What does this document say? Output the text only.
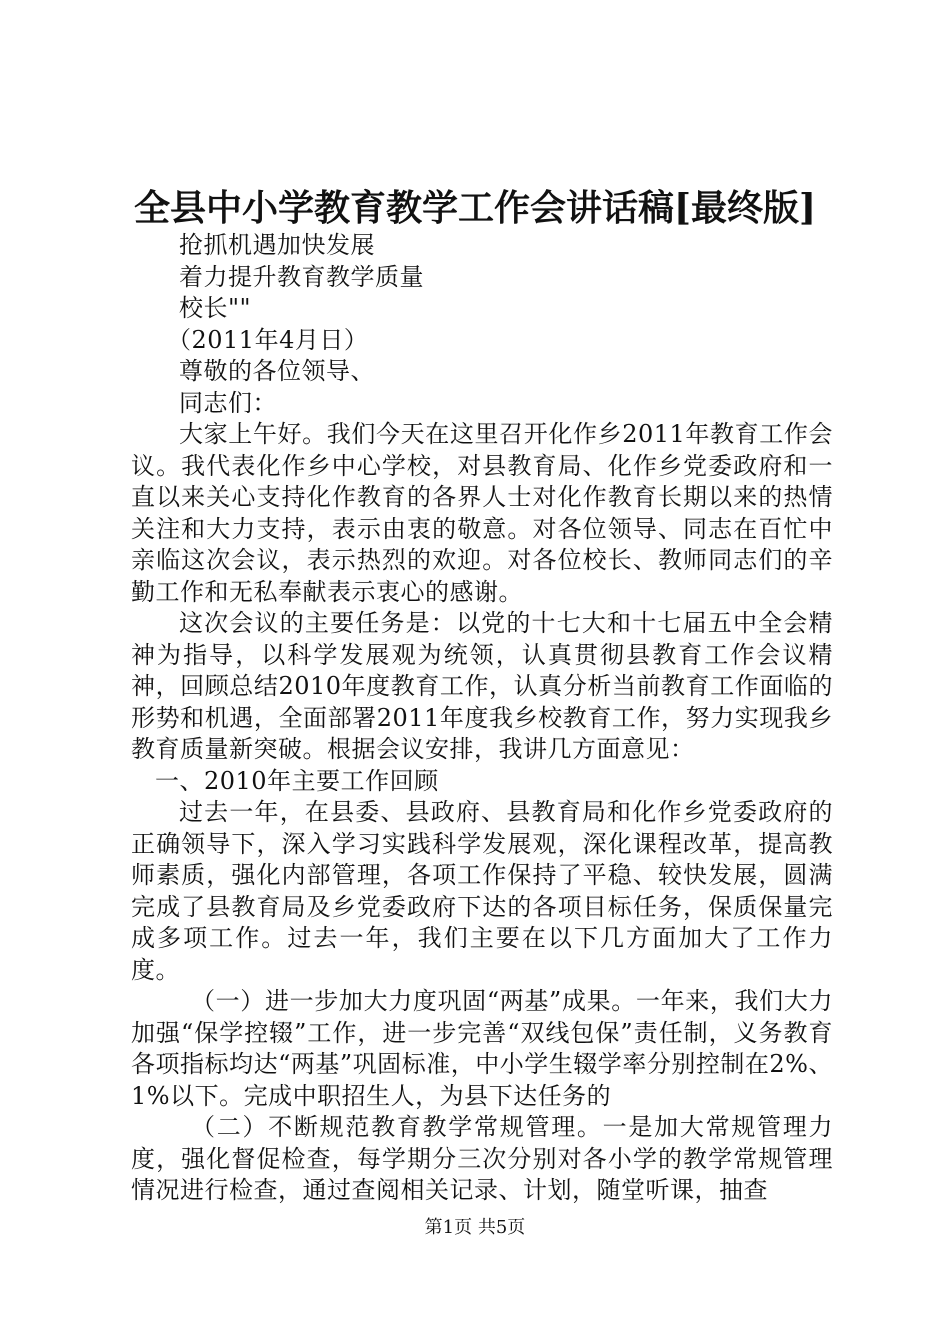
全县中小学教育教学工作会讲话稿[最终版]
抢抓机遇加快发展
着力提升教育教学质量
校长""
（2011年4月日）
尊敬的各位领导、
同志们：

大家上午好。我们今天在这里召开化作乡2011年教育工作会议。我代表化作乡中心学校，对县教育局、化作乡党委政府和一直以来关心支持化作教育的各界人士对化作教育长期以来的热情关注和大力支持，表示由衷的敬意。对各位领导、同志在百忙中亲临这次会议，表示热烈的欢迎。对各位校长、教师同志们的辛勤工作和无私奉献表示衷心的感谢。

这次会议的主要任务是：以党的十七大和十七届五中全会精神为指导，以科学发展观为统领，认真贯彻县教育工作会议精神，回顾总结2010年度教育工作，认真分析当前教育工作面临的形势和机遇，全面部署2011年度我乡校教育工作，努力实现我乡教育质量新突破。根据会议安排，我讲几方面意见：

一、2010年主要工作回顾

过去一年，在县委、县政府、县教育局和化作乡党委政府的正确领导下，深入学习实践科学发展观，深化课程改革，提高教师素质，强化内部管理，各项工作保持了平稳、较快发展，圆满完成了县教育局及乡党委政府下达的各项目标任务，保质保量完成多项工作。过去一年，我们主要在以下几方面加大了工作力度。

（一）进一步加大力度巩固“两基”成果。一年来，我们大力加强“保学控辍”工作，进一步完善“双线包保”责任制，义务教育各项指标均达“两基”巩固标准，中小学生辍学率分别控制在2%、1%以下。完成中职招生人，为县下达任务的

（二）不断规范教育教学常规管理。一是加大常规管理力度，强化督促检查，每学期分三次分别对各小学的教学常规管理情况进行检查，通过查阅相关记录、计划，随堂听课，抽查

第1页 共5页
